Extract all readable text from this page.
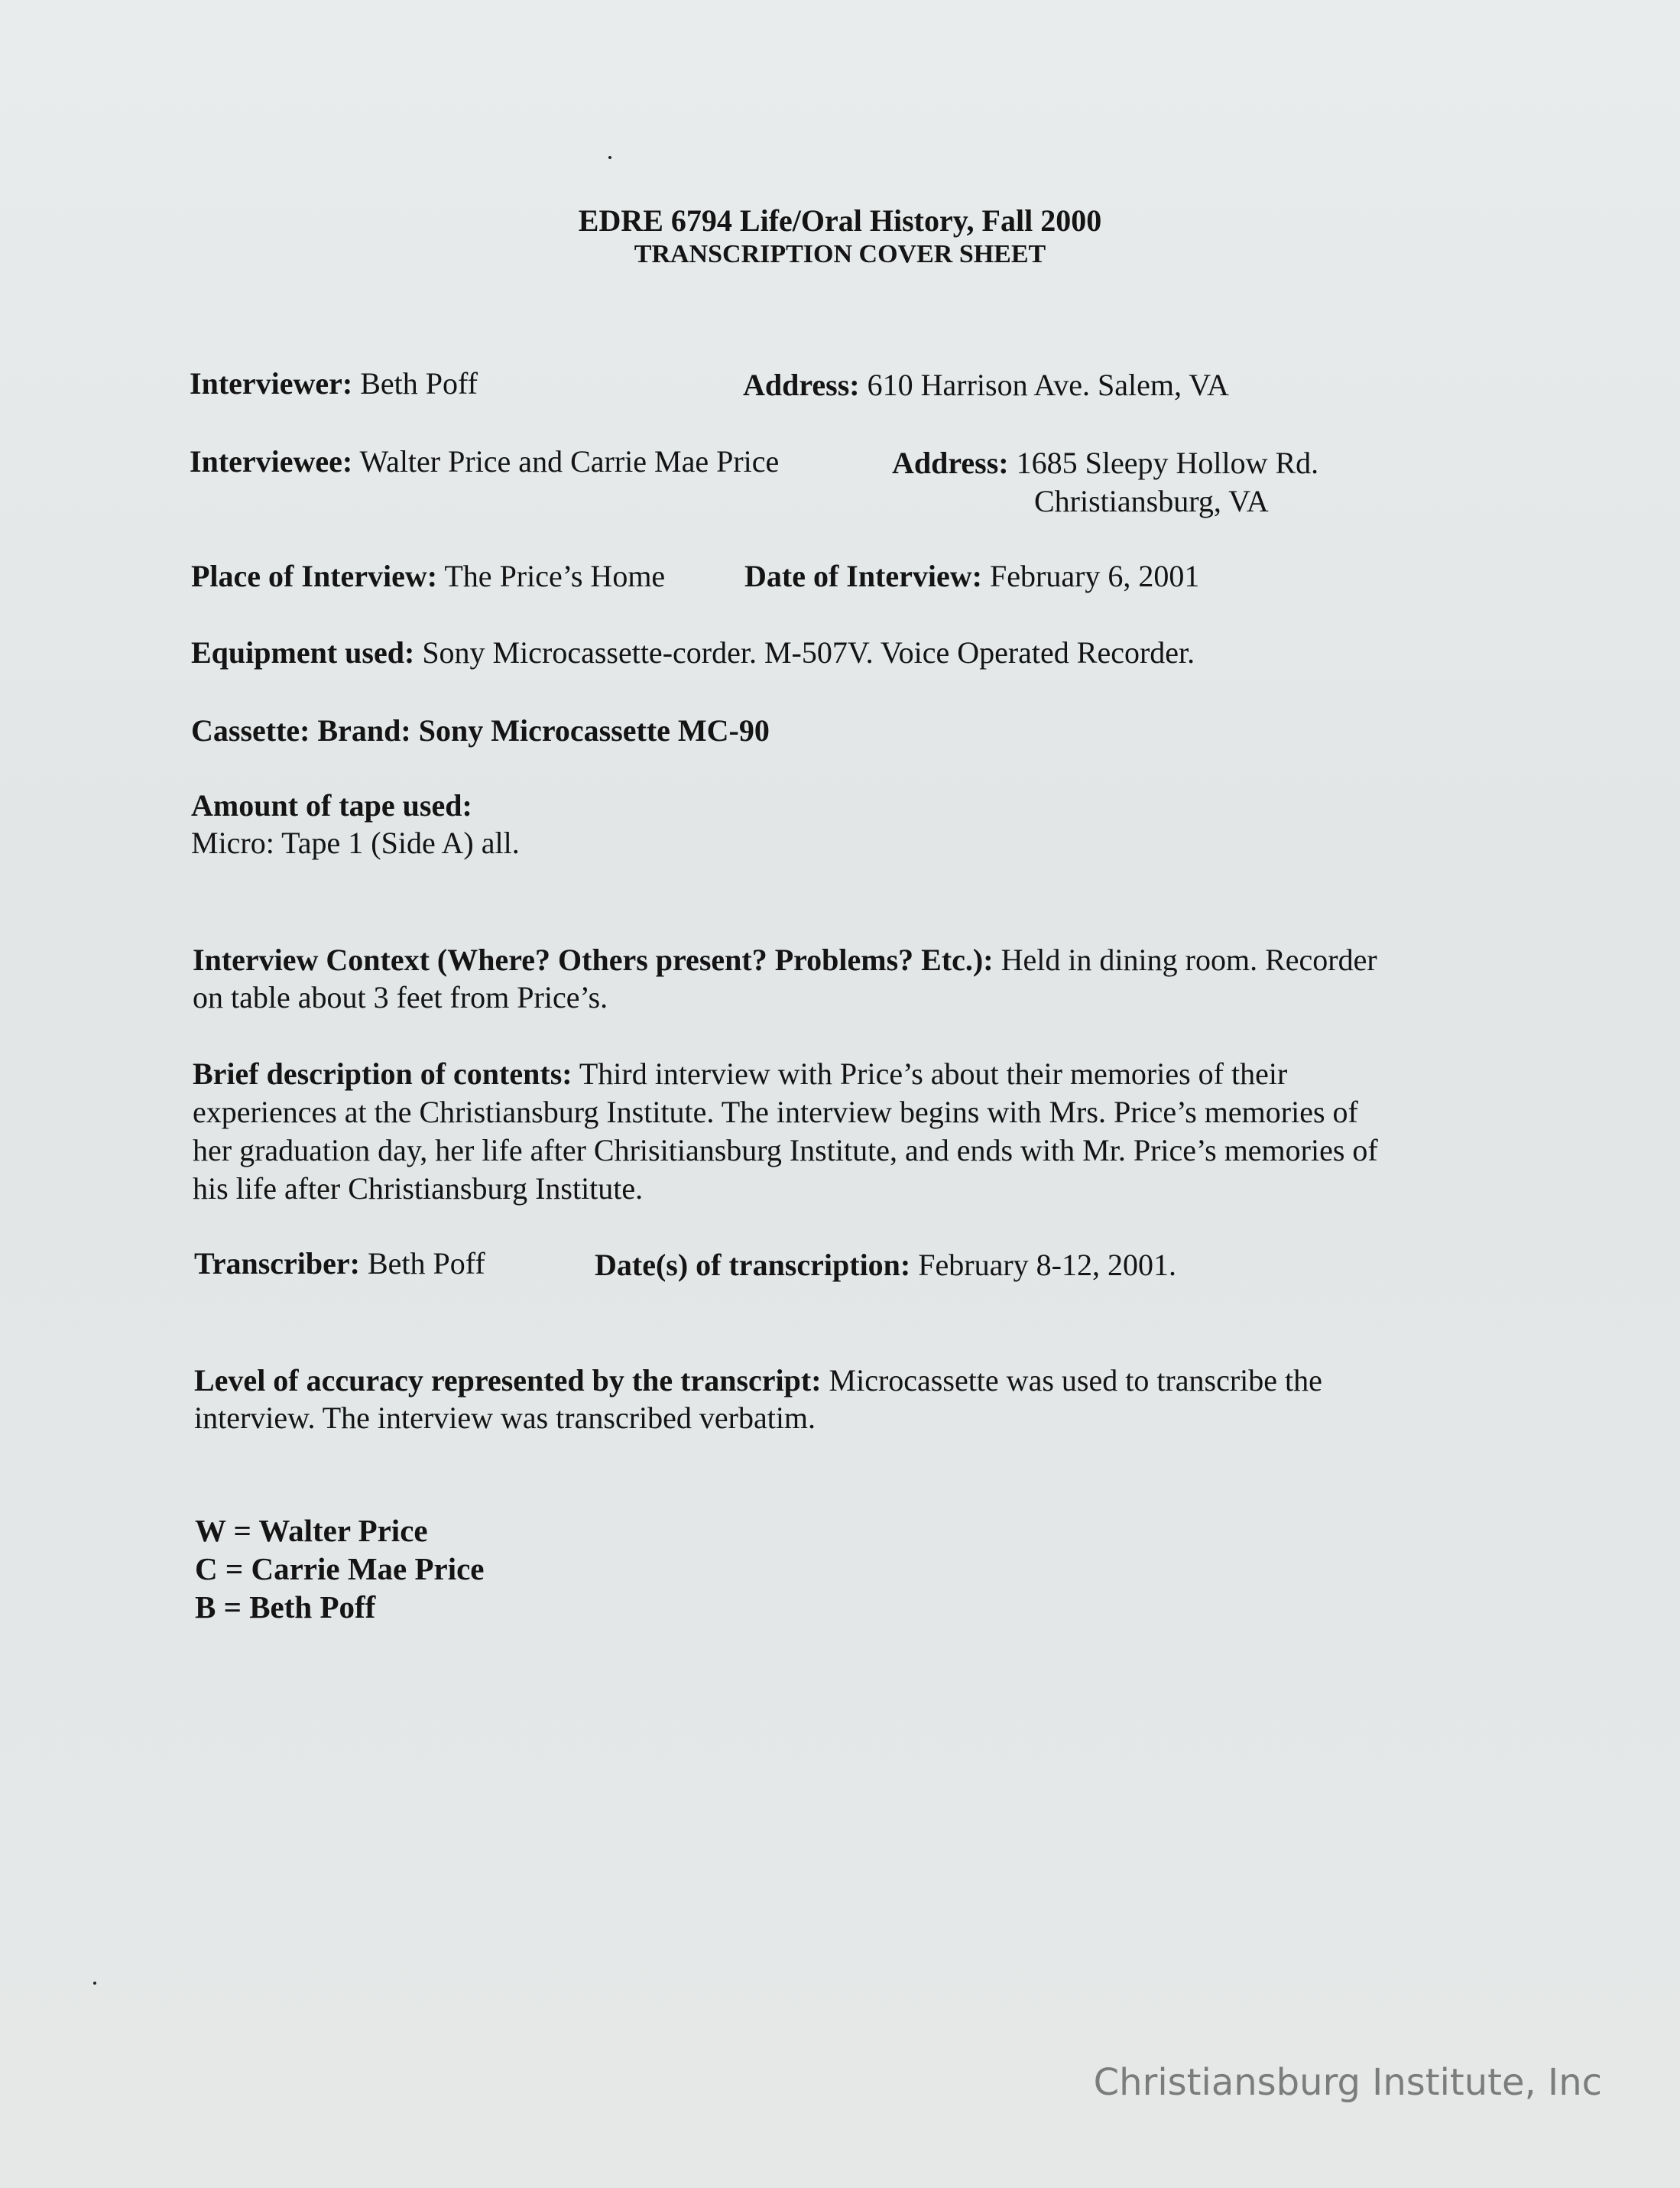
EDRE 6794 Life/Oral History, Fall 2000
TRANSCRIPTION COVER SHEET
Interviewer: Beth Poff	Address: 610 Harrison Ave. Salem, VA
Interviewee: Walter Price and Carrie Mae Price	Address: 1685 Sleepy Hollow Rd.
Christiansburg, VA
Place of Interview: The Price’s Home	Date of Interview: February 6, 2001
Equipment used: Sony Microcassette-corder. M-507V. Voice Operated Recorder.
Cassette: Brand: Sony Microcassette MC-90
Amount of tape used:
Micro: Tape 1 (Side A) all.
Interview Context (Where? Others present? Problems? Etc.): Held in dining room. Recorder
on table about 3 feet from Price’s.
Brief description of contents: Third interview with Price’s about their memories of their
experiences at the Christiansburg Institute. The interview begins with Mrs. Price’s memories of
her graduation day, her life after Chrisitiansburg Institute, and ends with Mr. Price’s memories of
his life after Christiansburg Institute.
Transcriber: Beth Poff	Date(s) of transcription: February 8-12, 2001.
Level of accuracy represented by the transcript: Microcassette was used to transcribe the
interview. The interview was transcribed verbatim.
W = Walter Price
C = Carrie Mae Price
B = Beth Poff
Christiansburg Institute, Inc
